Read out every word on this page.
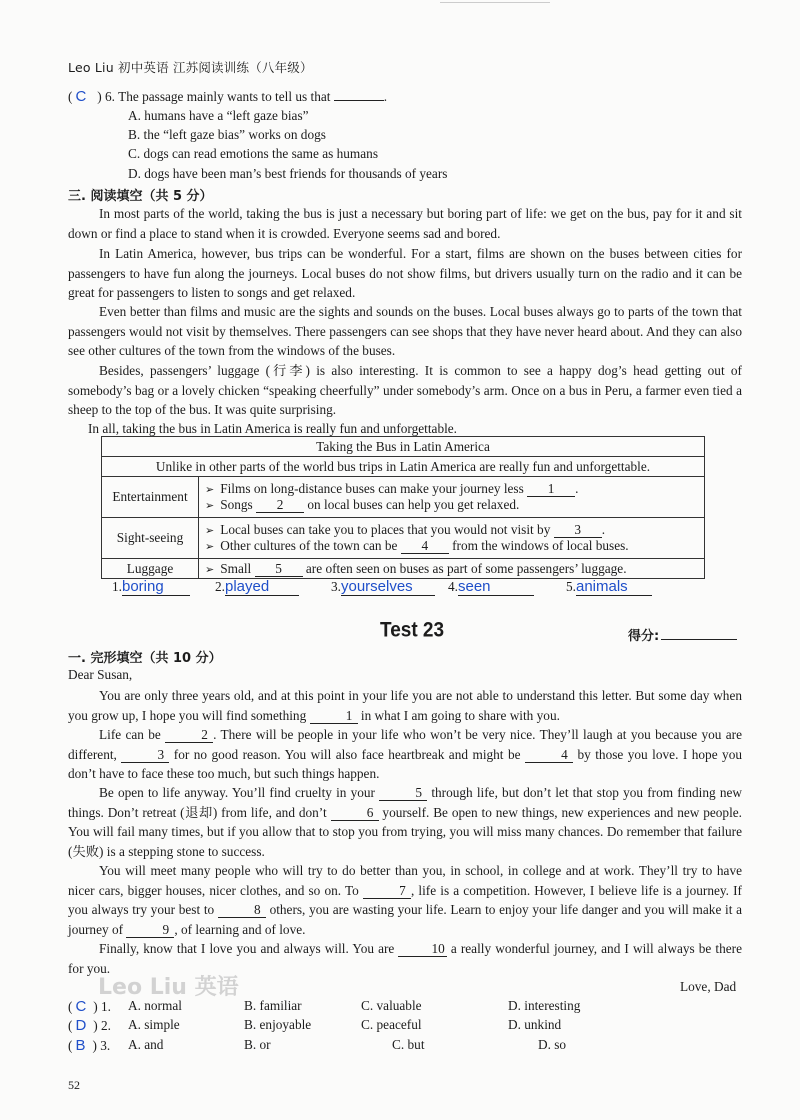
Leo Liu 初中英语 江苏阅读训练（八年级）
( C ) 6. The passage mainly wants to tell us that	.
A. humans have a “left gaze bias”
B. the “left gaze bias” works on dogs
C. dogs can read emotions the same as humans
D. dogs have been man’s best friends for thousands of years
三. 阅读填空（共 5 分）
In most parts of the world, taking the bus is just a necessary but boring part of life: we get on the bus, pay for it and sit down or find a place to stand when it is crowded. Everyone seems sad and bored.
In Latin America, however, bus trips can be wonderful. For a start, films are shown on the buses between cities for passengers to have fun along the journeys. Local buses do not show films, but drivers usually turn on the radio and it can be great for passengers to listen to songs and get relaxed.
Even better than films and music are the sights and sounds on the buses. Local buses always go to parts of the town that passengers would not visit by themselves. There passengers can see shops that they have never heard about. And they can also see other cultures of the town from the windows of the buses.
Besides, passengers’ luggage (行李) is also interesting. It is common to see a happy dog’s head getting out of somebody’s bag or a lovely chicken “speaking cheerfully” under somebody’s arm. Once on a bus in Peru, a farmer even tied a sheep to the top of the bus. It was quite surprising.
In all, taking the bus in Latin America is really fun and unforgettable.
Taking the Bus in Latin America	
Unlike in other parts of the world bus trips in Latin America are really fun and unforgettable.	
Entertainment	➢ Films on long-distance buses can make your journey less 1 .
➢ Songs 2 on local buses can help you get relaxed.

Sight-seeing	➢ Local buses can take you to places that you would not visit by 3 .
➢ Other cultures of the town can be 4 from the windows of local buses.

Luggage	➢ Small 5 are often seen on buses as part of some passengers’ luggage.
1.boring	2.played	3.yourselves	4.seen	5.animals
Test 23	得分:
一. 完形填空（共 10 分）
Dear Susan,
You are only three years old, and at this point in your life you are not able to understand this letter. But some day when you grow up, I hope you will find something	1 in what I am going to share with you.
Life can be	2 . There will be people in your life who won’t be very nice. They’ll laugh at you because you are different,	3 for no good reason. You will also face heartbreak and might be	4 by those you love. I hope you don’t have to face these too much, but such things happen.
Be open to life anyway. You’ll find cruelty in your	5 through life, but don’t let that stop you from finding new things. Don’t retreat (退却) from life, and don’t	6 yourself. Be open to new things, new experiences and new people. You will fail many times, but if you allow that to stop you from trying, you will miss many chances. Do remember that failure (失败) is a stepping stone to success.
You will meet many people who will try to do better than you, in school, in college and at work. They’ll try to have nicer cars, bigger houses, nicer clothes, and so on. To	7 , life is a competition. However, I believe life is a journey. If you always try your best to	8 others, you are wasting your life. Learn to enjoy your life danger and you will make it a journey of	9 , of learning and of love.
Finally, know that I love you and always will. You are	10 a really wonderful journey, and I will always be there for you.
Love, Dad
Leo Liu 英语
( C ) 1. A. normal	B. familiar	C. valuable	D. interesting
( D ) 2. A. simple	B. enjoyable	C. peaceful	D. unkind
( B ) 3. A. and	B. or	C. but	D. so
52
